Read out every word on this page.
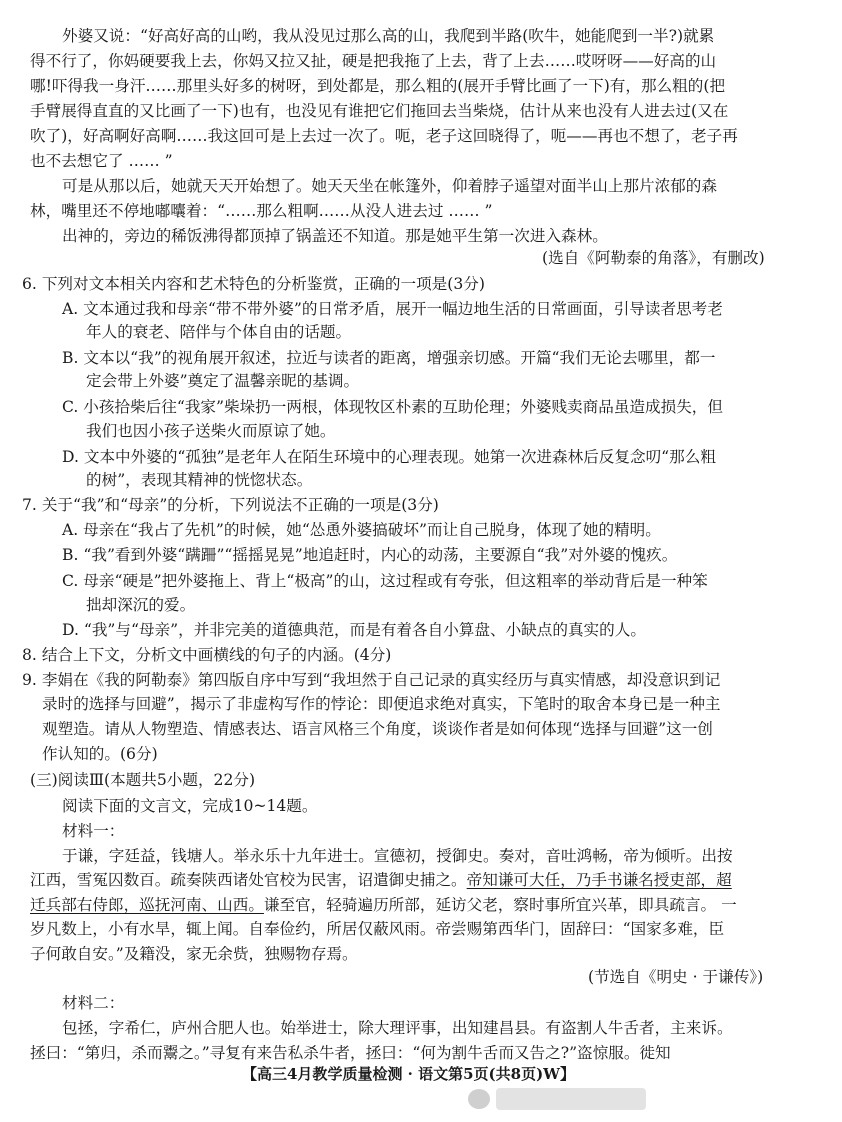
外婆又说：“好高好高的山哟，我从没见过那么高的山，我爬到半路(吹牛，她能爬到一半?)就累
得不行了，你妈硬要我上去，你妈又拉又扯，硬是把我拖了上去，背了上去……哎呀呀——好高的山
哪!吓得我一身汗……那里头好多的树呀，到处都是，那么粗的(展开手臂比画了一下)有，那么粗的(把
手臂展得直直的又比画了一下)也有，也没见有谁把它们拖回去当柴烧，估计从来也没有人进去过(又在
吹了)，好高啊好高啊……我这回可是上去过一次了。呃，老子这回晓得了，呃——再也不想了，老子再
也不去想它了 …… ”
可是从那以后，她就天天开始想了。她天天坐在帐篷外，仰着脖子遥望对面半山上那片浓郁的森
林，嘴里还不停地嘟囔着：“……那么粗啊……从没人进去过 …… ”
出神的，旁边的稀饭沸得都顶掉了锅盖还不知道。那是她平生第一次进入森林。
(选自《阿勒泰的角落》，有删改)
6. 下列对文本相关内容和艺术特色的分析鉴赏，正确的一项是(3分)
A. 文本通过我和母亲“带不带外婆”的日常矛盾，展开一幅边地生活的日常画面，引导读者思考老
年人的衰老、陪伴与个体自由的话题。
B. 文本以“我”的视角展开叙述，拉近与读者的距离，增强亲切感。开篇“我们无论去哪里，都一
定会带上外婆”奠定了温馨亲昵的基调。
C. 小孩拾柴后往“我家”柴垛扔一两根，体现牧区朴素的互助伦理；外婆贱卖商品虽造成损失，但
我们也因小孩子送柴火而原谅了她。
D. 文本中外婆的“孤独”是老年人在陌生环境中的心理表现。她第一次进森林后反复念叨“那么粗
的树”，表现其精神的恍惚状态。
7. 关于“我”和“母亲”的分析，下列说法不正确的一项是(3分)
A. 母亲在“我占了先机”的时候，她“怂恿外婆搞破坏”而让自己脱身，体现了她的精明。
B. “我”看到外婆“蹒跚”“摇摇晃晃”地追赶时，内心的动荡，主要源自“我”对外婆的愧疚。
C. 母亲“硬是”把外婆拖上、背上“极高”的山，这过程或有夸张，但这粗率的举动背后是一种笨
拙却深沉的爱。
D. “我”与“母亲”，并非完美的道德典范，而是有着各自小算盘、小缺点的真实的人。
8. 结合上下文，分析文中画横线的句子的内涵。(4分)
9. 李娟在《我的阿勒泰》第四版自序中写到“我坦然于自己记录的真实经历与真实情感，却没意识到记
录时的选择与回避”，揭示了非虚构写作的悖论：即便追求绝对真实，下笔时的取舍本身已是一种主
观塑造。请从人物塑造、情感表达、语言风格三个角度，谈谈作者是如何体现“选择与回避”这一创
作认知的。(6分)
(三)阅读Ⅲ(本题共5小题，22分)
阅读下面的文言文，完成10~14题。
材料一：
于谦，字廷益，钱塘人。举永乐十九年进士。宣德初，授御史。奏对，音吐鸿畅，帝为倾听。出按
江西，雪冤囚数百。疏奏陕西诸处官校为民害，诏遣御史捕之。帝知谦可大任，乃手书谦名授吏部，超
迁兵部右侍郎，巡抚河南、山西。谦至官，轻骑遍历所部，延访父老，察时事所宜兴革，即具疏言。 一
岁凡数上，小有水旱，辄上闻。自奉俭约，所居仅蔽风雨。帝尝赐第西华门，固辞曰：“国家多难，臣
子何敢自安。”及籍没，家无余赀，独赐物存焉。
(节选自《明史 · 于谦传》)
材料二：
包拯，字希仁，庐州合肥人也。始举进士，除大理评事，出知建昌县。有盗割人牛舌者，主来诉。
拯曰：“第归，杀而鬻之。”寻复有来告私杀牛者，拯曰：“何为割牛舌而又告之?”盗惊服。徙知
【高三4月教学质量检测 · 语文第5页(共8页)W】
